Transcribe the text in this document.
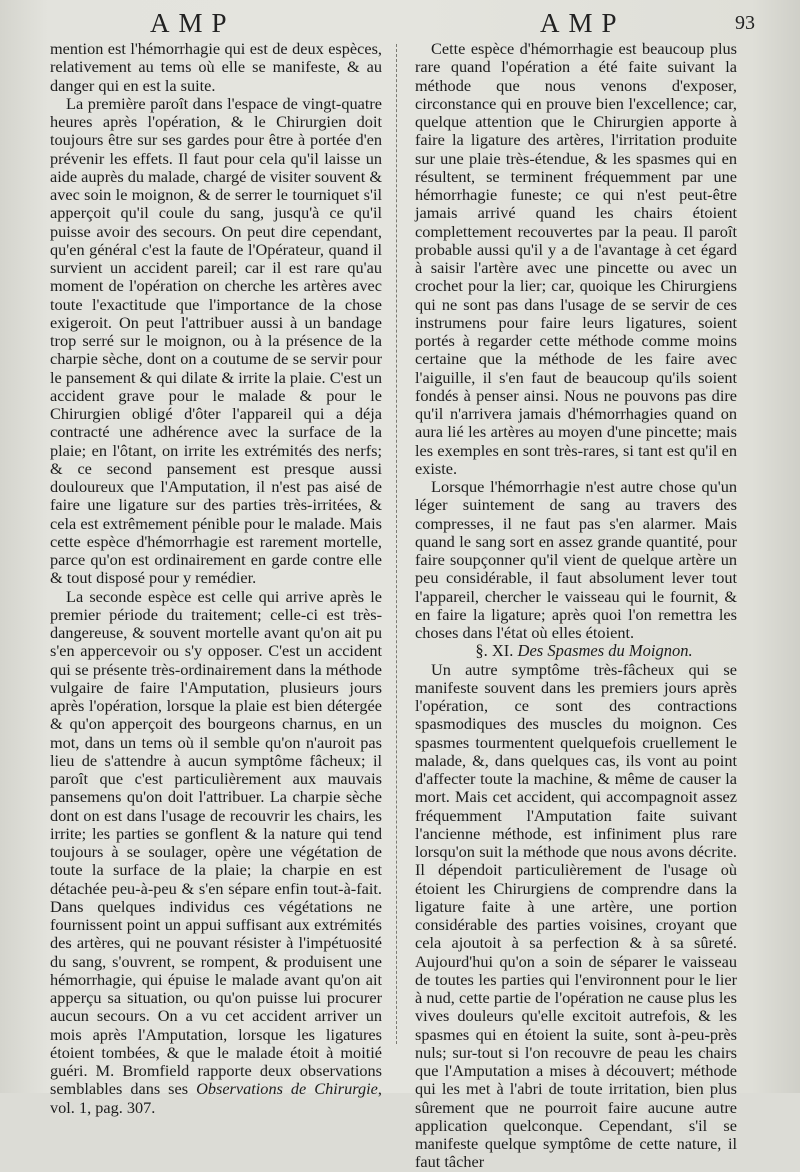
AMP	AMP	93

mention est l'hémorrhagie qui est de deux espèces, relativement au tems où elle se manifeste, & au danger qui en est la suite.

La première paroît dans l'espace de vingt-quatre heures après l'opération, & le Chirurgien doit toujours être sur ses gardes pour être à portée d'en prévenir les effets. Il faut pour cela qu'il laisse un aide auprès du malade, chargé de visiter souvent & avec soin le moignon, & de serrer le tourniquet s'il apperçoit qu'il coule du sang, jusqu'à ce qu'il puisse avoir des secours. On peut dire cependant, qu'en général c'est la faute de l'Opérateur, quand il survient un accident pareil; car il est rare qu'au moment de l'opération on cherche les artères avec toute l'exactitude que l'importance de la chose exigeroit. On peut l'attribuer aussi à un bandage trop serré sur le moignon, ou à la présence de la charpie sèche, dont on a coutume de se servir pour le pansement & qui dilate & irrite la plaie. C'est un accident grave pour le malade & pour le Chirurgien obligé d'ôter l'appareil qui a déja contracté une adhérence avec la surface de la plaie; en l'ôtant, on irrite les extrémités des nerfs; & ce second pansement est presque aussi douloureux que l'Amputation, il n'est pas aisé de faire une ligature sur des parties très-irritées, & cela est extrêmement pénible pour le malade. Mais cette espèce d'hémorrhagie est rarement mortelle, parce qu'on est ordinairement en garde contre elle & tout disposé pour y remédier.

La seconde espèce est celle qui arrive après le premier période du traitement; celle-ci est très-dangereuse, & souvent mortelle avant qu'on ait pu s'en appercevoir ou s'y opposer. C'est un accident qui se présente très-ordinairement dans la méthode vulgaire de faire l'Amputation, plusieurs jours après l'opération, lorsque la plaie est bien détergée & qu'on apperçoit des bourgeons charnus, en un mot, dans un tems où il semble qu'on n'auroit pas lieu de s'attendre à aucun symptôme fâcheux; il paroît que c'est particulièrement aux mauvais pansemens qu'on doit l'attribuer. La charpie sèche dont on est dans l'usage de recouvrir les chairs, les irrite; les parties se gonflent & la nature qui tend toujours à se soulager, opère une végétation de toute la surface de la plaie; la charpie en est détachée peu-à-peu & s'en sépare enfin tout-à-fait. Dans quelques individus ces végétations ne fournissent point un appui suffisant aux extrémités des artères, qui ne pouvant résister à l'impétuosité du sang, s'ouvrent, se rompent, & produisent une hémorrhagie, qui épuise le malade avant qu'on ait apperçu sa situation, ou qu'on puisse lui procurer aucun secours. On a vu cet accident arriver un mois après l'Amputation, lorsque les ligatures étoient tombées, & que le malade étoit à moitié guéri. M. Bromfield rapporte deux observations semblables dans ses Observations de Chirurgie, vol. 1, pag. 307.

Cette espèce d'hémorrhagie est beaucoup plus rare quand l'opération a été faite suivant la méthode que nous venons d'exposer, circonstance qui en prouve bien l'excellence; car, quelque attention que le Chirurgien apporte à faire la ligature des artères, l'irritation produite sur une plaie très-étendue, & les spasmes qui en résultent, se terminent fréquemment par une hémorrhagie funeste; ce qui n'est peut-être jamais arrivé quand les chairs étoient complettement recouvertes par la peau. Il paroît probable aussi qu'il y a de l'avantage à cet égard à saisir l'artère avec une pincette ou avec un crochet pour la lier; car, quoique les Chirurgiens qui ne sont pas dans l'usage de se servir de ces instrumens pour faire leurs ligatures, soient portés à regarder cette méthode comme moins certaine que la méthode de les faire avec l'aiguille, il s'en faut de beaucoup qu'ils soient fondés à penser ainsi. Nous ne pouvons pas dire qu'il n'arrivera jamais d'hémorrhagies quand on aura lié les artères au moyen d'une pincette; mais les exemples en sont très-rares, si tant est qu'il en existe.

Lorsque l'hémorrhagie n'est autre chose qu'un léger suintement de sang au travers des compresses, il ne faut pas s'en alarmer. Mais quand le sang sort en assez grande quantité, pour faire soupçonner qu'il vient de quelque artère un peu considérable, il faut absolument lever tout l'appareil, chercher le vaisseau qui le fournit, & en faire la ligature; après quoi l'on remettra les choses dans l'état où elles étoient.

§. XI. Des Spasmes du Moignon.

Un autre symptôme très-fâcheux qui se manifeste souvent dans les premiers jours après l'opération, ce sont des contractions spasmodiques des muscles du moignon. Ces spasmes tourmentent quelquefois cruellement le malade, &, dans quelques cas, ils vont au point d'affecter toute la machine, & même de causer la mort. Mais cet accident, qui accompagnoit assez fréquemment l'Amputation faite suivant l'ancienne méthode, est infiniment plus rare lorsqu'on suit la méthode que nous avons décrite. Il dépendoit particulièrement de l'usage où étoient les Chirurgiens de comprendre dans la ligature faite à une artère, une portion considérable des parties voisines, croyant que cela ajoutoit à sa perfection & à sa sûreté. Aujourd'hui qu'on a soin de séparer le vaisseau de toutes les parties qui l'environnent pour le lier à nud, cette partie de l'opération ne cause plus les vives douleurs qu'elle excitoit autrefois, & les spasmes qui en étoient la suite, sont à-peu-près nuls; sur-tout si l'on recouvre de peau les chairs que l'Amputation a mises à découvert; méthode qui les met à l'abri de toute irritation, bien plus sûrement que ne pourroit faire aucune autre application quelconque. Cependant, s'il se manifeste quelque symptôme de cette nature, il faut tâcher
